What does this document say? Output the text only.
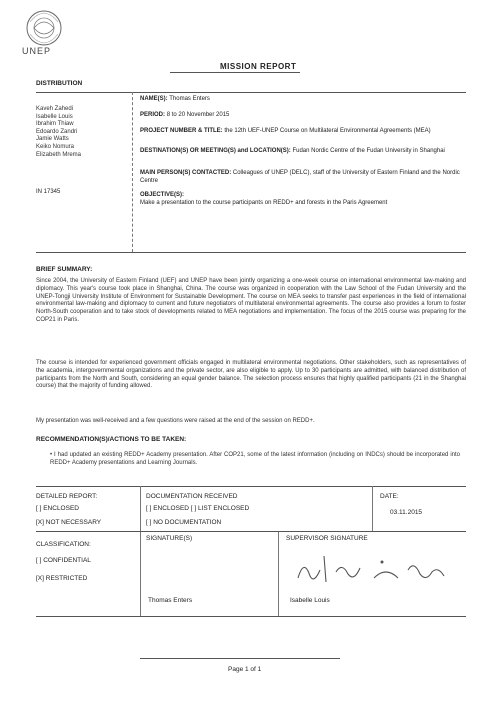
UNEP
MISSION REPORT
DISTRIBUTION
Kaveh Zahedi
Isabelle Louis
Ibrahim Thiaw
Edoardo Zandri
Jamie Watts
Keiko Nomura
Elizabeth Mrema
IN 17345
NAME(S): Thomas Enters
PERIOD: 8 to 20 November 2015
PROJECT NUMBER & TITLE: the 12th UEF-UNEP Course on Multilateral Environmental Agreements (MEA)
DESTINATION(S) OR MEETING(S) and LOCATION(S): Fudan Nordic Centre of the Fudan University in Shanghai
MAIN PERSON(S) CONTACTED: Colleagues of UNEP (DELC), staff of the University of Eastern Finland and the Nordic Centre
OBJECTIVE(S):
Make a presentation to the course participants on REDD+ and forests in the Paris Agreement
BRIEF SUMMARY:
Since 2004, the University of Eastern Finland (UEF) and UNEP have been jointly organizing a one-week course on international environmental law-making and diplomacy. This year's course took place in Shanghai, China. The course was organized in cooperation with the Law School of the Fudan University and the UNEP-Tongji University Institute of Environment for Sustainable Development. The course on MEA seeks to transfer past experiences in the field of international environmental law-making and diplomacy to current and future negotiators of multilateral environmental agreements. The course also provides a forum to foster North-South cooperation and to take stock of developments related to MEA negotiations and implementation. The focus of the 2015 course was preparing for the COP21 in Paris.
The course is intended for experienced government officials engaged in multilateral environmental negotiations. Other stakeholders, such as representatives of the academia, intergovernmental organizations and the private sector, are also eligible to apply. Up to 30 participants are admitted, with balanced distribution of participants from the North and South, considering an equal gender balance. The selection process ensures that highly qualified participants (21 in the Shanghai course) that the majority of funding allowed.
My presentation was well-received and a few questions were raised at the end of the session on REDD+.
RECOMMENDATION(S)/ACTIONS TO BE TAKEN:
• I had updated an existing REDD+ Academy presentation. After COP21, some of the latest information (including on INDCs) should be incorporated into REDD+ Academy presentations and Learning Journals.
DETAILED REPORT:
[ ] ENCLOSED
[X] NOT NECESSARY
DOCUMENTATION RECEIVED
[ ] ENCLOSED [ ] LIST ENCLOSED
[ ] NO DOCUMENTATION
DATE:
03.11.2015
CLASSIFICATION:
[ ] CONFIDENTIAL
[X] RESTRICTED
SIGNATURE(S)	SUPERVISOR SIGNATURE
Thomas Enters	Isabelle Louis
Page 1 of 1
